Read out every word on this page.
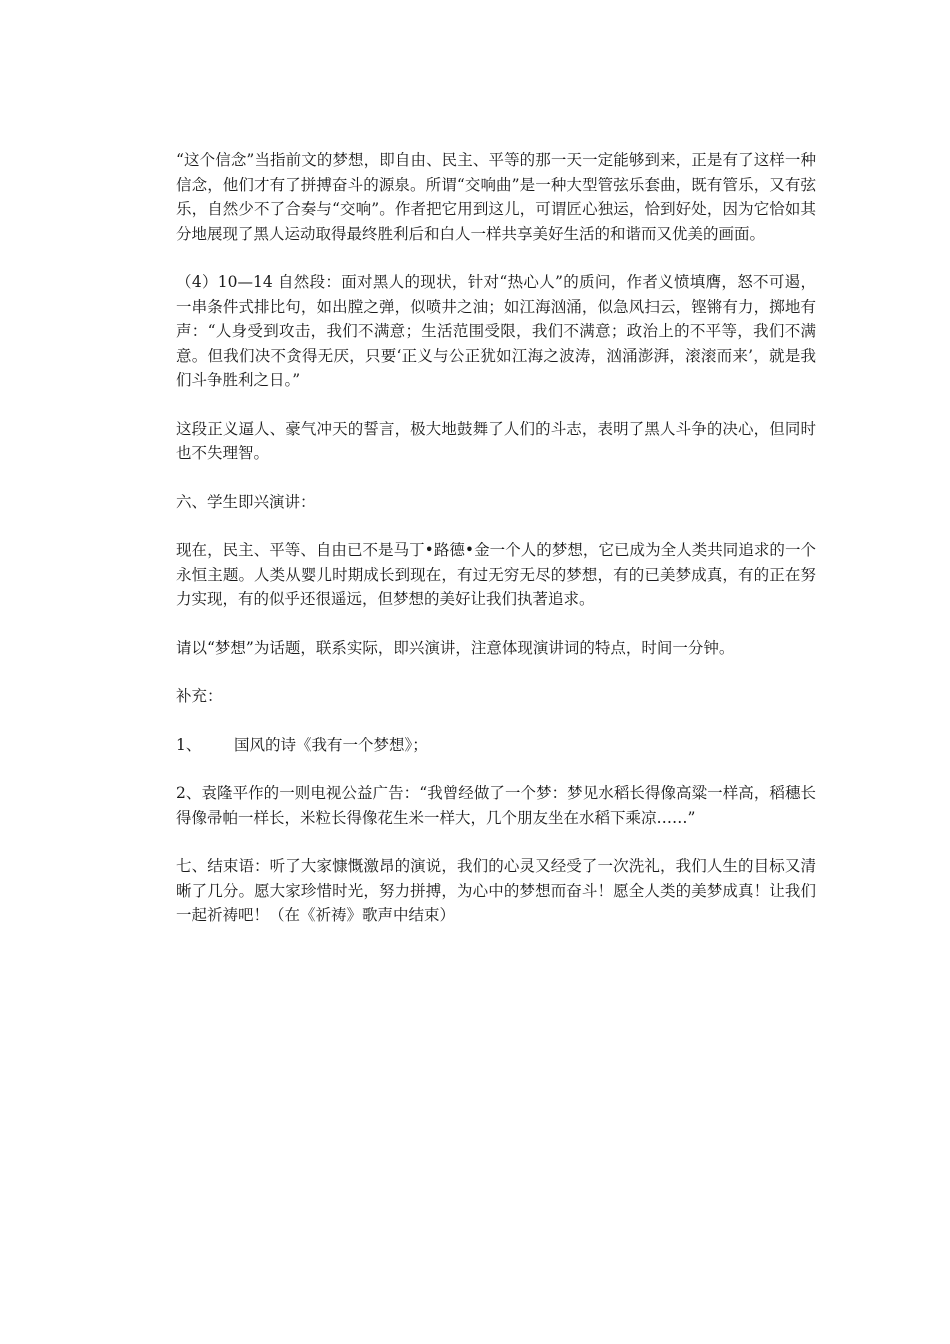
“这个信念”当指前文的梦想，即自由、民主、平等的那一天一定能够到来，正是有了这样一种信念，他们才有了拼搏奋斗的源泉。所谓“交响曲”是一种大型管弦乐套曲，既有管乐，又有弦乐，自然少不了合奏与“交响”。作者把它用到这儿，可谓匠心独运，恰到好处，因为它恰如其分地展现了黑人运动取得最终胜利后和白人一样共享美好生活的和谐而又优美的画面。

（4）10—14 自然段：面对黑人的现状，针对“热心人”的质问，作者义愤填膺，怒不可遏，一串条件式排比句，如出膛之弹，似喷井之油；如江海汹涌，似急风扫云，铿锵有力，掷地有声：“人身受到攻击，我们不满意；生活范围受限，我们不满意；政治上的不平等，我们不满意。但我们决不贪得无厌，只要‘正义与公正犹如江海之波涛，汹涌澎湃，滚滚而来’，就是我们斗争胜利之日。”

这段正义逼人、豪气冲天的誓言，极大地鼓舞了人们的斗志，表明了黑人斗争的决心，但同时也不失理智。

六、学生即兴演讲：

现在，民主、平等、自由已不是马丁•路德•金一个人的梦想，它已成为全人类共同追求的一个永恒主题。人类从婴儿时期成长到现在，有过无穷无尽的梦想，有的已美梦成真，有的正在努力实现，有的似乎还很遥远，但梦想的美好让我们执著追求。

请以“梦想”为话题，联系实际，即兴演讲，注意体现演讲词的特点，时间一分钟。

补充：

1、	国风的诗《我有一个梦想》；

2、袁隆平作的一则电视公益广告：“我曾经做了一个梦：梦见水稻长得像高粱一样高，稻穗长得像帚帕一样长，米粒长得像花生米一样大，几个朋友坐在水稻下乘凉……”

七、结束语：听了大家慷慨激昂的演说，我们的心灵又经受了一次洗礼，我们人生的目标又清晰了几分。愿大家珍惜时光，努力拼搏，为心中的梦想而奋斗！愿全人类的美梦成真！让我们一起祈祷吧！（在《祈祷》歌声中结束）
